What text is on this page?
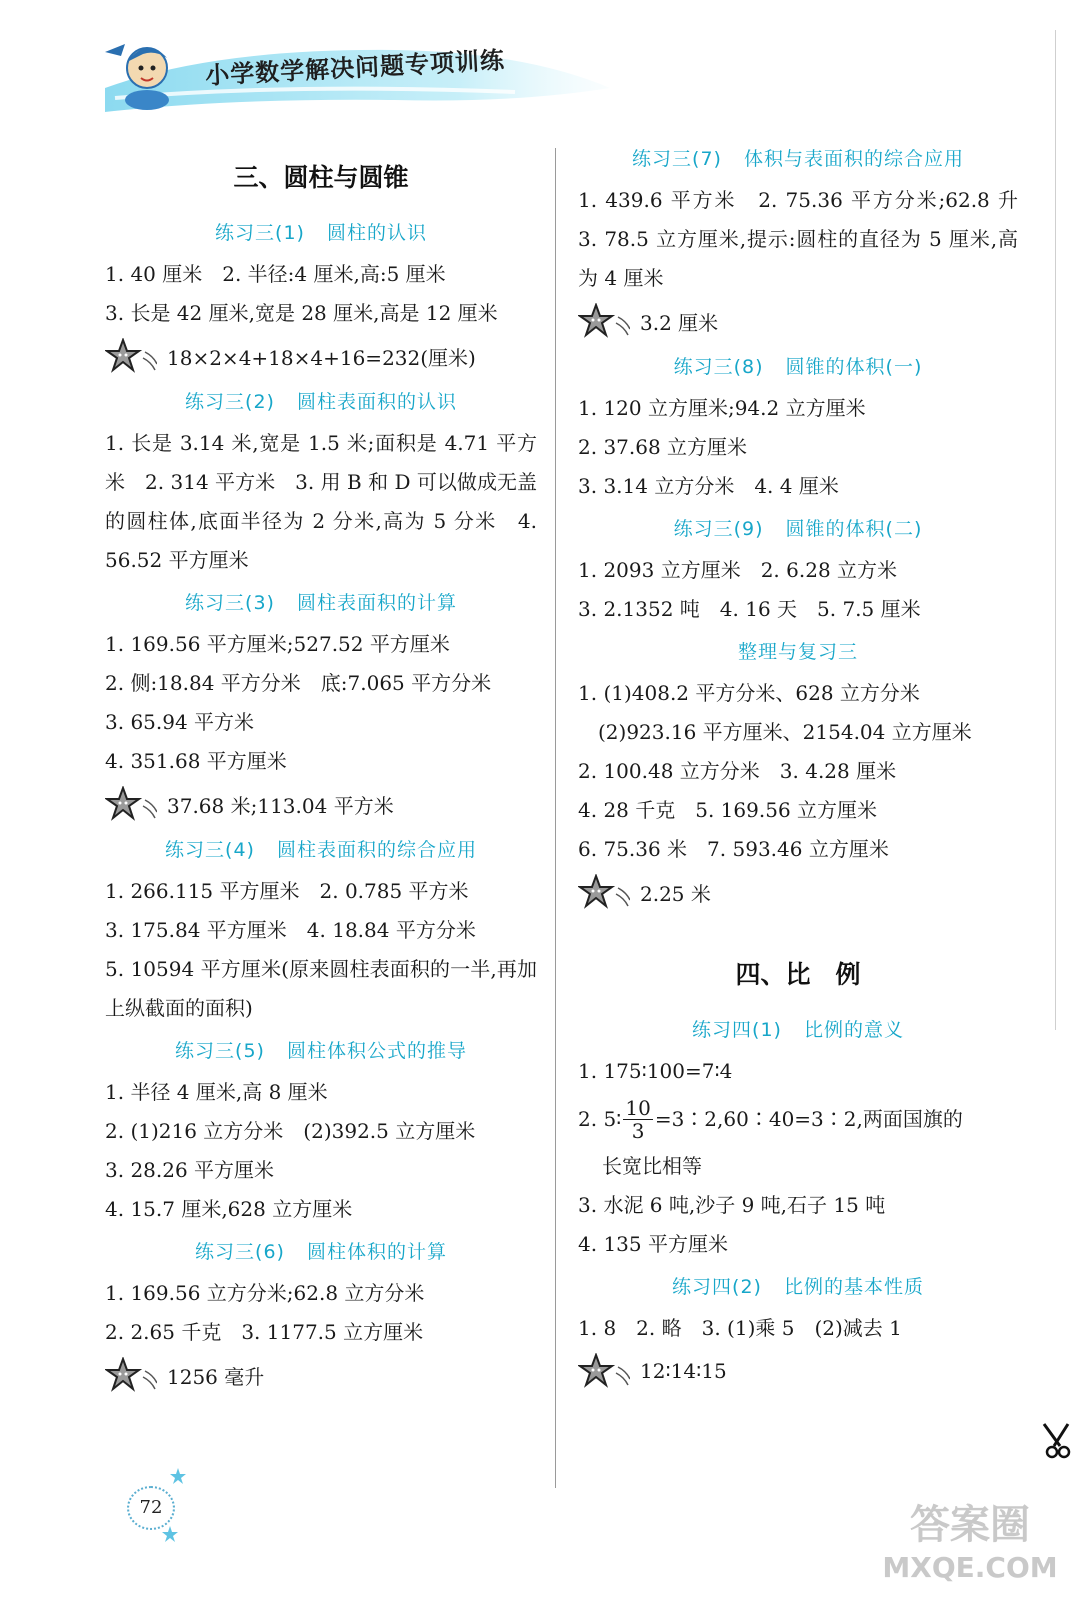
小学数学解决问题专项训练
三、圆柱与圆锥
练习三(1) 圆柱的认识
1. 40 厘米　2. 半径:4 厘米,高:5 厘米
3. 长是 42 厘米,宽是 28 厘米,高是 12 厘米
18×2×4+18×4+16=232(厘米)
练习三(2) 圆柱表面积的认识
1. 长是 3.14 米,宽是 1.5 米;面积是 4.71 平方米　2. 314 平方米　3. 用 B 和 D 可以做成无盖的圆柱体,底面半径为 2 分米,高为 5 分米　4. 56.52 平方厘米
练习三(3) 圆柱表面积的计算
1. 169.56 平方厘米;527.52 平方厘米
2. 侧:18.84 平方分米　底:7.065 平方分米
3. 65.94 平方米
4. 351.68 平方厘米
37.68 米;113.04 平方米
练习三(4) 圆柱表面积的综合应用
1. 266.115 平方厘米　2. 0.785 平方米
3. 175.84 平方厘米　4. 18.84 平方分米
5. 10594 平方厘米(原来圆柱表面积的一半,再加上纵截面的面积)
练习三(5) 圆柱体积公式的推导
1. 半径 4 厘米,高 8 厘米
2. (1)216 立方分米　(2)392.5 立方厘米
3. 28.26 平方厘米
4. 15.7 厘米,628 立方厘米
练习三(6) 圆柱体积的计算
1. 169.56 立方分米;62.8 立方分米
2. 2.65 千克　3. 1177.5 立方厘米
1256 毫升
练习三(7) 体积与表面积的综合应用
1. 439.6 平方米　2. 75.36 平方分米;62.8 升　3. 78.5 立方厘米,提示:圆柱的直径为 5 厘米,高为 4 厘米
3.2 厘米
练习三(8) 圆锥的体积(一)
1. 120 立方厘米;94.2 立方厘米
2. 37.68 立方厘米
3. 3.14 立方分米　4. 4 厘米
练习三(9) 圆锥的体积(二)
1. 2093 立方厘米　2. 6.28 立方米
3. 2.1352 吨　4. 16 天　5. 7.5 厘米
整理与复习三
1. (1)408.2 平方分米、628 立方分米
　(2)923.16 平方厘米、2154.04 立方厘米
2. 100.48 立方分米　3. 4.28 厘米
4. 28 千克　5. 169.56 立方厘米
6. 75.36 米　7. 593.46 立方厘米
2.25 米
四、比　例
练习四(1) 比例的意义
1. 175∶100=7∶4
2. 5∶ $\frac{10}{3}$ =3∶2,60∶40=3∶2,两面国旗的
长宽比相等
3. 水泥 6 吨,沙子 9 吨,石子 15 吨
4. 135 平方厘米
练习四(2) 比例的基本性质
1. 8　2. 略　3. (1)乘 5　(2)减去 1
12∶14∶15
72	答案圈
MXQE.COM
